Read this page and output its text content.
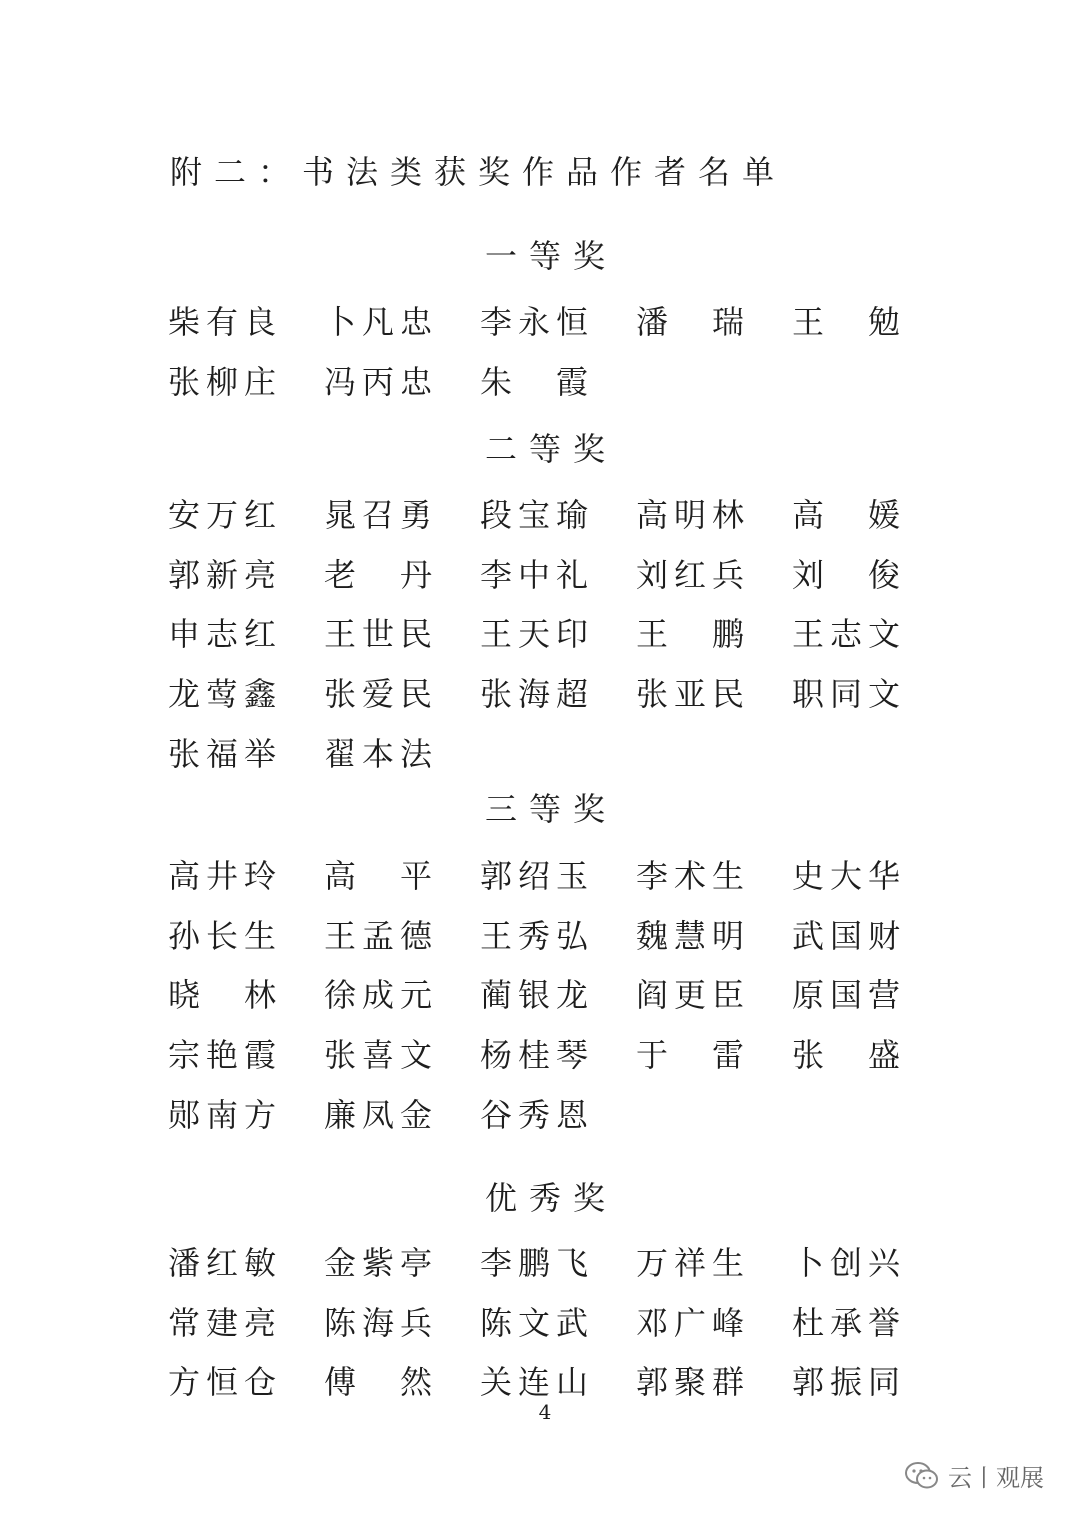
附二：书法类获奖作品作者名单
一等奖
柴 有 良 卜 凡 忠 李 永 恒 潘 瑞 王 勉
张 柳 庄 冯 丙 忠 朱 霞
二等奖
安 万 红 晁 召 勇 段 宝 瑜 高 明 林 高 媛
郭 新 亮 老 丹 李 中 礼 刘 红 兵 刘 俊
申 志 红 王 世 民 王 天 印 王 鹏 王 志 文
龙 莺 鑫 张 爱 民 张 海 超 张 亚 民 职 同 文
张 福 举 翟 本 法
三等奖
高 井 玲 高 平 郭 绍 玉 李 术 生 史 大 华
孙 长 生 王 孟 德 王 秀 弘 魏 慧 明 武 国 财
晓 林 徐 成 元 蔺 银 龙 阎 更 臣 原 国 营
宗 艳 霞 张 喜 文 杨 桂 琴 于 雷 张 盛
郧 南 方 廉 凤 金 谷 秀 恩
优秀奖
潘 红 敏 金 紫 亭 李 鹏 飞 万 祥 生 卜 创 兴
常 建 亮 陈 海 兵 陈 文 武 邓 广 峰 杜 承 誉
方 恒 仓 傅 然 关 连 山 郭 聚 群 郭 振 同
4
云丨观展
